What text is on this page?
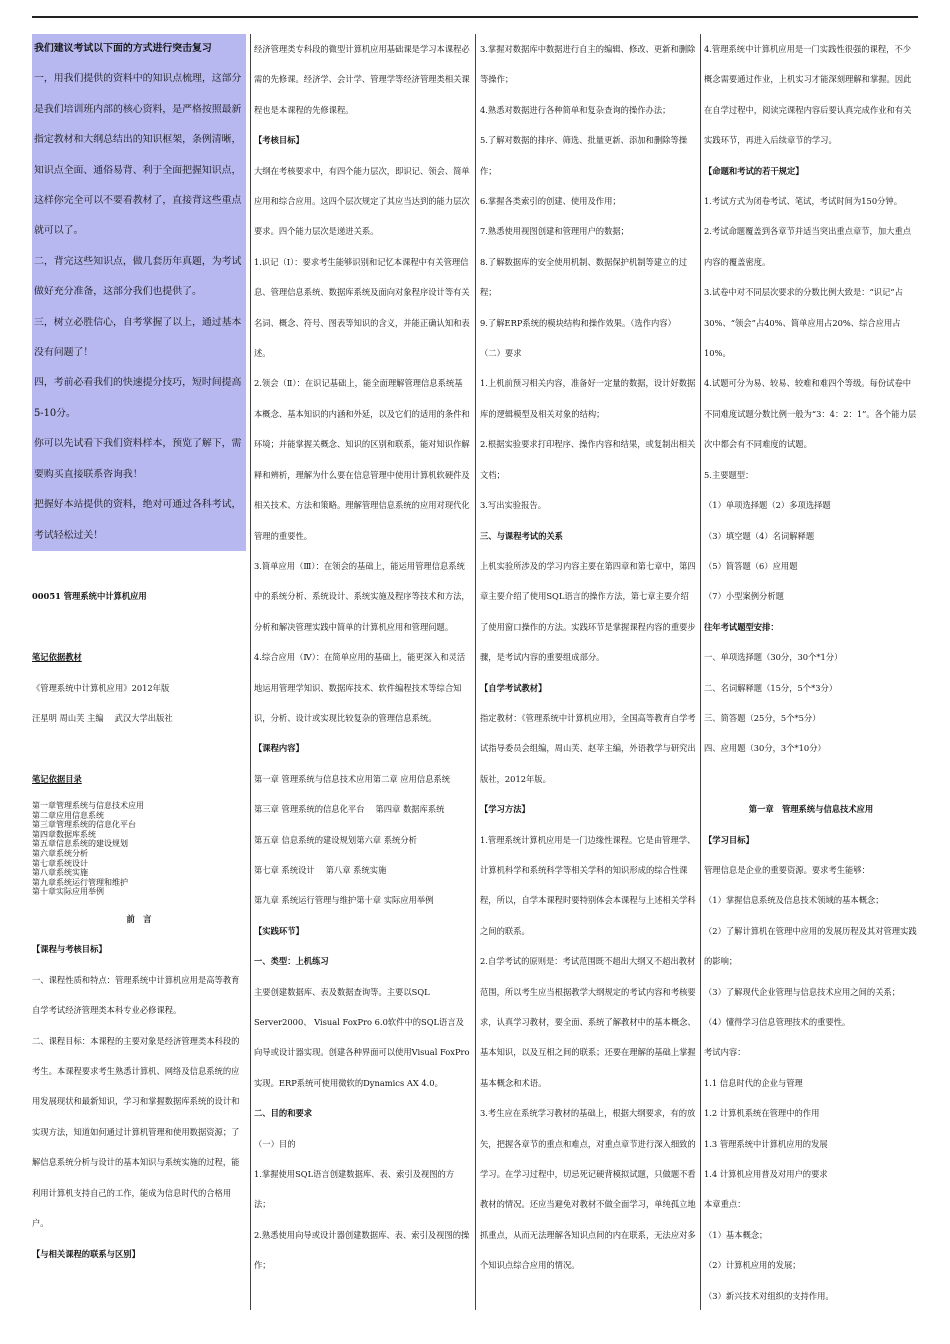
我们建议考试以下面的方式进行突击复习

一，用我们提供的资料中的知识点梳理，这部分是我们培训班内部的核心资料，是严格按照最新指定教材和大纲总结出的知识框架，条例清晰，知识点全面、通俗易背、利于全面把握知识点，这样你完全可以不要看教材了，直接背这些重点就可以了。

二，背完这些知识点，做几套历年真题，为考试做好充分准备，这部分我们也提供了。

三，树立必胜信心，自考掌握了以上，通过基本没有问题了！

四，考前必看我们的快速提分技巧，短时间提高5-10分。

你可以先试看下我们资料样本，预览了解下，需要购买直接联系咨询我！

把握好本站提供的资料，绝对可通过各科考试，考试轻松过关！

00051 管理系统中计算机应用

笔记依据教材

《管理系统中计算机应用》2012年版

汪星明 周山芙 主编　 武汉大学出版社

笔记依据目录

第一章管理系统与信息技术应用
第二章应用信息系统
第三章管理系统的信息化平台
第四章数据库系统
第五章信息系统的建设规划
第六章系统分析
第七章系统设计
第八章系统实施
第九章系统运行管理和维护
第十章实际应用举例

前　言

【课程与考核目标】

一、课程性质和特点：管理系统中计算机应用是高等教育自学考试经济管理类本科专业必修课程。

二、课程目标：本课程的主要对象是经济管理类本科段的考生。本课程要求考生熟悉计算机、网络及信息系统的应用发展现状和最新知识，学习和掌握数据库系统的设计和实现方法，知道如何通过计算机管理和使用数据资源；了解信息系统分析与设计的基本知识与系统实施的过程，能利用计算机支持自己的工作，能成为信息时代的合格用户。

【与相关课程的联系与区别】

经济管理类专科段的微型计算机应用基础课是学习本课程必需的先修课。经济学、会计学、管理学等经济管理类相关课程也是本课程的先修课程。

【考核目标】

大纲在考核要求中，有四个能力层次，即识记、领会、简单应用和综合应用。这四个层次规定了其应当达到的能力层次要求。四个能力层次是递进关系。

1.识记（Ⅰ）：要求考生能够识别和记忆本课程中有关管理信息、管理信息系统、数据库系统及面向对象程序设计等有关名词、概念、符号、图表等知识的含义，并能正确认知和表述。

2.领会（Ⅱ）：在识记基础上，能全面理解管理信息系统基本概念、基本知识的内涵和外延，以及它们的适用的条件和环境；并能掌握关概念、知识的区别和联系，能对知识作解释和辨析，理解为什么要在信息管理中使用计算机软硬件及相关技术、方法和策略。理解管理信息系统的应用对现代化管理的重要性。

3.简单应用（Ⅲ）：在领会的基础上，能运用管理信息系统中的系统分析、系统设计、系统实施及程序等技术和方法，分析和解决管理实践中简单的计算机应用和管理问题。

4.综合应用（Ⅳ）：在简单应用的基础上，能更深入和灵活地运用管理学知识、数据库技术、软件编程技术等综合知识，分析、设计或实现比较复杂的管理信息系统。

【课程内容】

第一章 管理系统与信息技术应用第二章 应用信息系统

第三章 管理系统的信息化平台　 第四章 数据库系统

第五章 信息系统的建设规划第六章 系统分析

第七章 系统设计　 第八章 系统实施

第九章 系统运行管理与维护第十章 实际应用举例

【实践环节】

一、类型：上机练习

主要创建数据库、表及数据查询等。主要以SQL Server2000、 Visual FoxPro 6.0软件中的SQL语言及向导或设计器实现。创建各种界面可以使用Visual FoxPro实现。ERP系统可使用微软的Dynamics AX 4.0。

二、目的和要求

（一）目的

1.掌握使用SQL语言创建数据库、表、索引及视图的方法；

2.熟悉使用向导或设计器创建数据库、表、索引及视图的操作；

3.掌握对数据库中数据进行自主的编辑、修改、更新和删除等操作；

4.熟悉对数据进行各种简单和复杂查询的操作办法；

5.了解对数据的排序、筛选、批量更新、添加和删除等操作；

6.掌握各类索引的创建、使用及作用；

7.熟悉使用视图创建和管理用户的数据；

8.了解数据库的安全使用机制、数据保护机制等建立的过程；

9.了解ERP系统的模块结构和操作效果。（选作内容）

（二）要求

1.上机前预习相关内容，准备好一定量的数据，设计好数据库的逻辑模型及相关对象的结构；

2.根据实验要求打印程序、操作内容和结果，或复制出相关文档；

3.写出实验报告。

三、与课程考试的关系

上机实验所涉及的学习内容主要在第四章和第七章中，第四章主要介绍了使用SQL语言的操作方法，第七章主要介绍了使用窗口操作的方法。实践环节是掌握课程内容的重要步骤，是考试内容的重要组成部分。

【自学考试教材】

指定教材：《管理系统中计算机应用》，全国高等教育自学考试指导委员会组编，周山芙、赵苹主编，外语教学与研究出版社，2012年版。

【学习方法】

1.管理系统计算机应用是一门边缘性课程。它是由管理学、计算机科学和系统科学等相关学科的知识形成的综合性课程，所以，自学本课程时要特别体会本课程与上述相关学科之间的联系。

2.自学考试的原则是：考试范围既不超出大纲又不超出教材范围，所以考生应当根据教学大纲规定的考试内容和考核要求，认真学习教材，要全面、系统了解教材中的基本概念、基本知识，以及互相之间的联系；还要在理解的基础上掌握基本概念和术语。

3.考生应在系统学习教材的基础上，根据大纲要求，有的放矢，把握各章节的重点和难点，对重点章节进行深入细致的学习。在学习过程中，切忌死记硬背模拟试题，只做题不看教材的情况。还应当避免对教材不做全面学习，单纯孤立地抓重点，从而无法理解各知识点间的内在联系，无法应对多个知识点综合应用的情况。

4.管理系统中计算机应用是一门实践性很强的课程，不少概念需要通过作业，上机实习才能深刻理解和掌握。因此在自学过程中，阅读完课程内容后要认真完成作业和有关实践环节，再进入后续章节的学习。

【命题和考试的若干规定】

1.考试方式为闭卷考试、笔试，考试时间为150分钟。

2.考试命题覆盖到各章节并适当突出重点章节，加大重点内容的覆盖密度。

3.试卷中对不同层次要求的分数比例大致是：“识记”占30%、“领会”占40%、简单应用占20%、综合应用占10%。

4.试题可分为易、较易、较难和难四个等级。每份试卷中不同难度试题分数比例一般为“3：4：2：1”。各个能力层次中都会有不同难度的试题。

5.主要题型：

（1）单项选择题（2）多项选择题

（3）填空题（4）名词解释题

（5）简答题（6）应用题

（7）小型案例分析题

往年考试题型安排：

一、单项选择题（30分，30个*1分）

二、名词解释题（15分，5个*3分）

三、简答题（25分，5个*5分）

四、应用题（30分，3个*10分）

第一章　管理系统与信息技术应用

【学习目标】

管理信息是企业的重要资源。要求考生能够：

（1）掌握信息系统及信息技术领域的基本概念；

（2）了解计算机在管理中应用的发展历程及其对管理实践的影响；

（3）了解现代企业管理与信息技术应用之间的关系；

（4）懂得学习信息管理技术的重要性。

考试内容：

1.1 信息时代的企业与管理

1.2 计算机系统在管理中的作用

1.3 管理系统中计算机应用的发展

1.4 计算机应用普及对用户的要求

本章重点：

（1）基本概念；

（2）计算机应用的发展；

（3）新兴技术对组织的支持作用。
